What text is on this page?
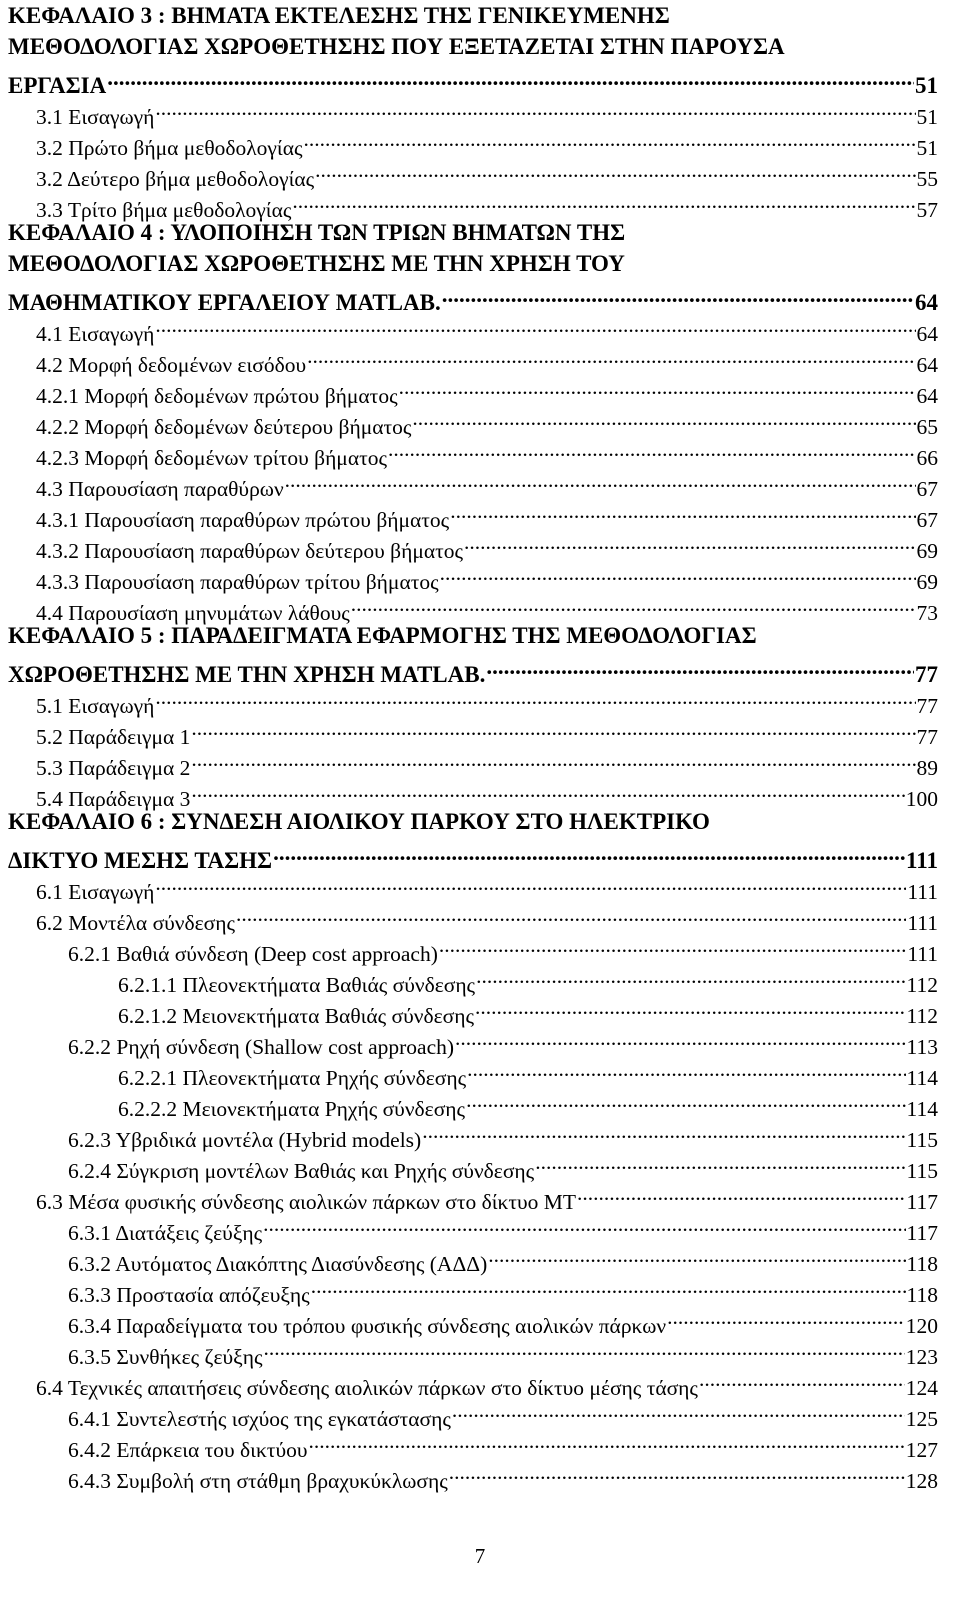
ΚΕΦΑΛΑΙΟ 3 : ΒΗΜΑΤΑ ΕΚΤΕΛΕΣΗΣ ΤΗΣ ΓΕΝΙΚΕΥΜΕΝΗΣ
ΜΕΘΟΔΟΛΟΓΙΑΣ ΧΩΡΟΘΕΤΗΣΗΣ ΠΟΥ ΕΞΕΤΑΖΕΤΑΙ ΣΤΗΝ ΠΑΡΟΥΣΑ
ΕΡΓΑΣΙΑ .....	51
3.1 Εισαγωγή .....	51
3.2 Πρώτο βήμα μεθοδολογίας .....	51
3.2 Δεύτερο βήμα μεθοδολογίας .....	55
3.3 Τρίτο βήμα μεθοδολογίας .....	57
ΚΕΦΑΛΑΙΟ 4 : ΥΛΟΠΟΙΗΣΗ ΤΩΝ ΤΡΙΩΝ ΒΗΜΑΤΩΝ ΤΗΣ
ΜΕΘΟΔΟΛΟΓΙΑΣ ΧΩΡΟΘΕΤΗΣΗΣ ΜΕ ΤΗΝ ΧΡΗΣΗ ΤΟΥ
ΜΑΘΗΜΑΤΙΚΟΥ ΕΡΓΑΛΕΙΟΥ MATLAB. .....	64
4.1 Εισαγωγή .....	64
4.2 Μορφή δεδομένων εισόδου .....	64
4.2.1 Μορφή δεδομένων πρώτου βήματος .....	64
4.2.2 Μορφή δεδομένων δεύτερου βήματος .....	65
4.2.3 Μορφή δεδομένων τρίτου βήματος .....	66
4.3 Παρουσίαση παραθύρων .....	67
4.3.1 Παρουσίαση παραθύρων πρώτου βήματος .....	67
4.3.2 Παρουσίαση παραθύρων δεύτερου βήματος .....	69
4.3.3 Παρουσίαση παραθύρων τρίτου βήματος .....	69
4.4 Παρουσίαση μηνυμάτων λάθους .....	73
ΚΕΦΑΛΑΙΟ 5 : ΠΑΡΑΔΕΙΓΜΑΤΑ ΕΦΑΡΜΟΓΗΣ ΤΗΣ ΜΕΘΟΔΟΛΟΓΙΑΣ
ΧΩΡΟΘΕΤΗΣΗΣ ΜΕ ΤΗΝ ΧΡΗΣΗ MATLAB. .....	77
5.1 Εισαγωγή .....	77
5.2 Παράδειγμα 1 .....	77
5.3 Παράδειγμα 2 .....	89
5.4 Παράδειγμα 3 .....	100
ΚΕΦΑΛΑΙΟ 6 : ΣΥΝΔΕΣΗ ΑΙΟΛΙΚΟΥ ΠΑΡΚΟΥ ΣΤΟ ΗΛΕΚΤΡΙΚΟ
ΔΙΚΤΥΟ ΜΕΣΗΣ ΤΑΣΗΣ .....	111
6.1 Εισαγωγή .....	111
6.2 Μοντέλα σύνδεσης .....	111
6.2.1 Βαθιά σύνδεση (Deep cost approach) .....	111
6.2.1.1 Πλεονεκτήματα Βαθιάς σύνδεσης .....	112
6.2.1.2 Μειονεκτήματα Βαθιάς σύνδεσης .....	112
6.2.2 Ρηχή σύνδεση (Shallow cost approach) .....	113
6.2.2.1 Πλεονεκτήματα Ρηχής σύνδεσης .....	114
6.2.2.2 Μειονεκτήματα Ρηχής σύνδεσης .....	114
6.2.3 Υβριδικά μοντέλα (Hybrid models) .....	115
6.2.4 Σύγκριση μοντέλων Βαθιάς και Ρηχής σύνδεσης .....	115
6.3 Μέσα φυσικής σύνδεσης αιολικών πάρκων στο δίκτυο ΜΤ .....	117
6.3.1 Διατάξεις ζεύξης .....	117
6.3.2 Αυτόματος Διακόπτης Διασύνδεσης (ΑΔΔ) .....	118
6.3.3 Προστασία απόζευξης .....	118
6.3.4 Παραδείγματα του τρόπου φυσικής σύνδεσης αιολικών πάρκων .....	120
6.3.5 Συνθήκες ζεύξης .....	123
6.4 Τεχνικές απαιτήσεις σύνδεσης αιολικών πάρκων στο δίκτυο μέσης τάσης .....	124
6.4.1 Συντελεστής ισχύος της εγκατάστασης .....	125
6.4.2 Επάρκεια του δικτύου .....	127
6.4.3 Συμβολή στη στάθμη βραχυκύκλωσης .....	128
7
